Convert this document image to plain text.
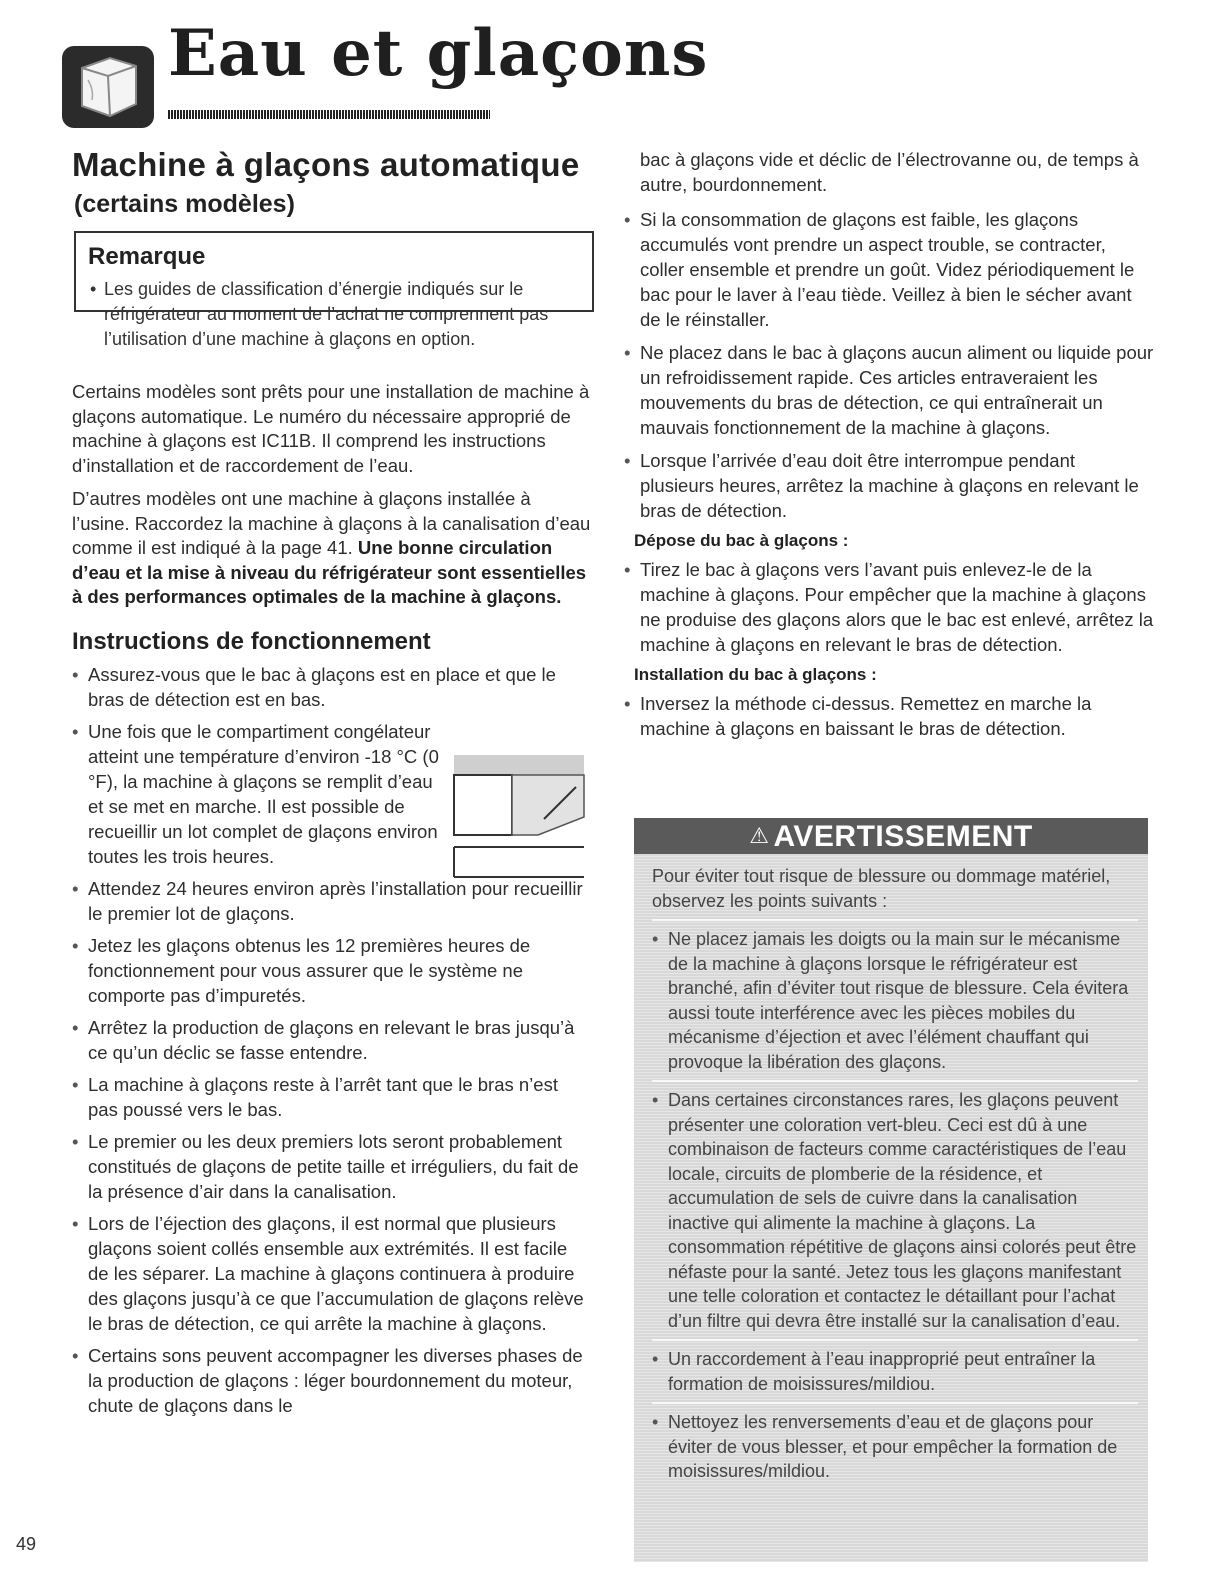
Eau et glaçons
Machine à glaçons automatique
(certains modèles)
Remarque
• Les guides de classification d’énergie indiqués sur le réfrigérateur au moment de l’achat ne comprennent pas l’utilisation d’une machine à glaçons en option.

Certains modèles sont prêts pour une installation de machine à glaçons automatique. Le numéro du nécessaire approprié de machine à glaçons est IC11B. Il comprend les instructions d’installation et de raccordement de l’eau.

D’autres modèles ont une machine à glaçons installée à l’usine. Raccordez la machine à glaçons à la canalisation d’eau comme il est indiqué à la page 41. Une bonne circulation d’eau et la mise à niveau du réfrigérateur sont essentielles à des performances optimales de la machine à glaçons.

Instructions de fonctionnement
• Assurez-vous que le bac à glaçons est en place et que le bras de détection est en bas.
• Une fois que le compartiment congélateur atteint une température d’environ -18 °C (0 °F), la machine à glaçons se remplit d’eau et se met en marche. Il est possible de recueillir un lot complet de glaçons environ toutes les trois heures.
• Attendez 24 heures environ après l’installation pour recueillir le premier lot de glaçons.
• Jetez les glaçons obtenus les 12 premières heures de fonctionnement pour vous assurer que le système ne comporte pas d’impuretés.
• Arrêtez la production de glaçons en relevant le bras jusqu’à ce qu’un déclic se fasse entendre.
• La machine à glaçons reste à l’arrêt tant que le bras n’est pas poussé vers le bas.
• Le premier ou les deux premiers lots seront probablement constitués de glaçons de petite taille et irréguliers, du fait de la présence d’air dans la canalisation.
• Lors de l’éjection des glaçons, il est normal que plusieurs glaçons soient collés ensemble aux extrémités. Il est facile de les séparer. La machine à glaçons continuera à produire des glaçons jusqu’à ce que l’accumulation de glaçons relève le bras de détection, ce qui arrête la machine à glaçons.
• Certains sons peuvent accompagner les diverses phases de la production de glaçons : léger bourdonnement du moteur, chute de glaçons dans le

bac à glaçons vide et déclic de l’électrovanne ou, de temps à autre, bourdonnement.

• Si la consommation de glaçons est faible, les glaçons accumulés vont prendre un aspect trouble, se contracter, coller ensemble et prendre un goût. Videz périodiquement le bac pour le laver à l’eau tiède. Veillez à bien le sécher avant de le réinstaller.
• Ne placez dans le bac à glaçons aucun aliment ou liquide pour un refroidissement rapide. Ces articles entraveraient les mouvements du bras de détection, ce qui entraînerait un mauvais fonctionnement de la machine à glaçons.
• Lorsque l’arrivée d’eau doit être interrompue pendant plusieurs heures, arrêtez la machine à glaçons en relevant le bras de détection.
Dépose du bac à glaçons :
• Tirez le bac à glaçons vers l’avant puis enlevez-le de la machine à glaçons. Pour empêcher que la machine à glaçons ne produise des glaçons alors que le bac est enlevé, arrêtez la machine à glaçons en relevant le bras de détection.
Installation du bac à glaçons :
• Inversez la méthode ci-dessus. Remettez en marche la machine à glaçons en baissant le bras de détection.
⚠ AVERTISSEMENT

Pour éviter tout risque de blessure ou dommage matériel, observez les points suivants :

• Ne placez jamais les doigts ou la main sur le mécanisme de la machine à glaçons lorsque le réfrigérateur est branché, afin d’éviter tout risque de blessure. Cela évitera aussi toute interférence avec les pièces mobiles du mécanisme d’éjection et avec l’élément chauffant qui provoque la libération des glaçons.
• Dans certaines circonstances rares, les glaçons peuvent présenter une coloration vert-bleu. Ceci est dû à une combinaison de facteurs comme caractéristiques de l’eau locale, circuits de plomberie de la résidence, et accumulation de sels de cuivre dans la canalisation inactive qui alimente la machine à glaçons. La consommation répétitive de glaçons ainsi colorés peut être néfaste pour la santé. Jetez tous les glaçons manifestant une telle coloration et contactez le détaillant pour l’achat d’un filtre qui devra être installé sur la canalisation d’eau.
• Un raccordement à l’eau inapproprié peut entraîner la formation de moisissures/mildiou.
• Nettoyez les renversements d’eau et de glaçons pour éviter de vous blesser, et pour empêcher la formation de moisissures/mildiou.
49
